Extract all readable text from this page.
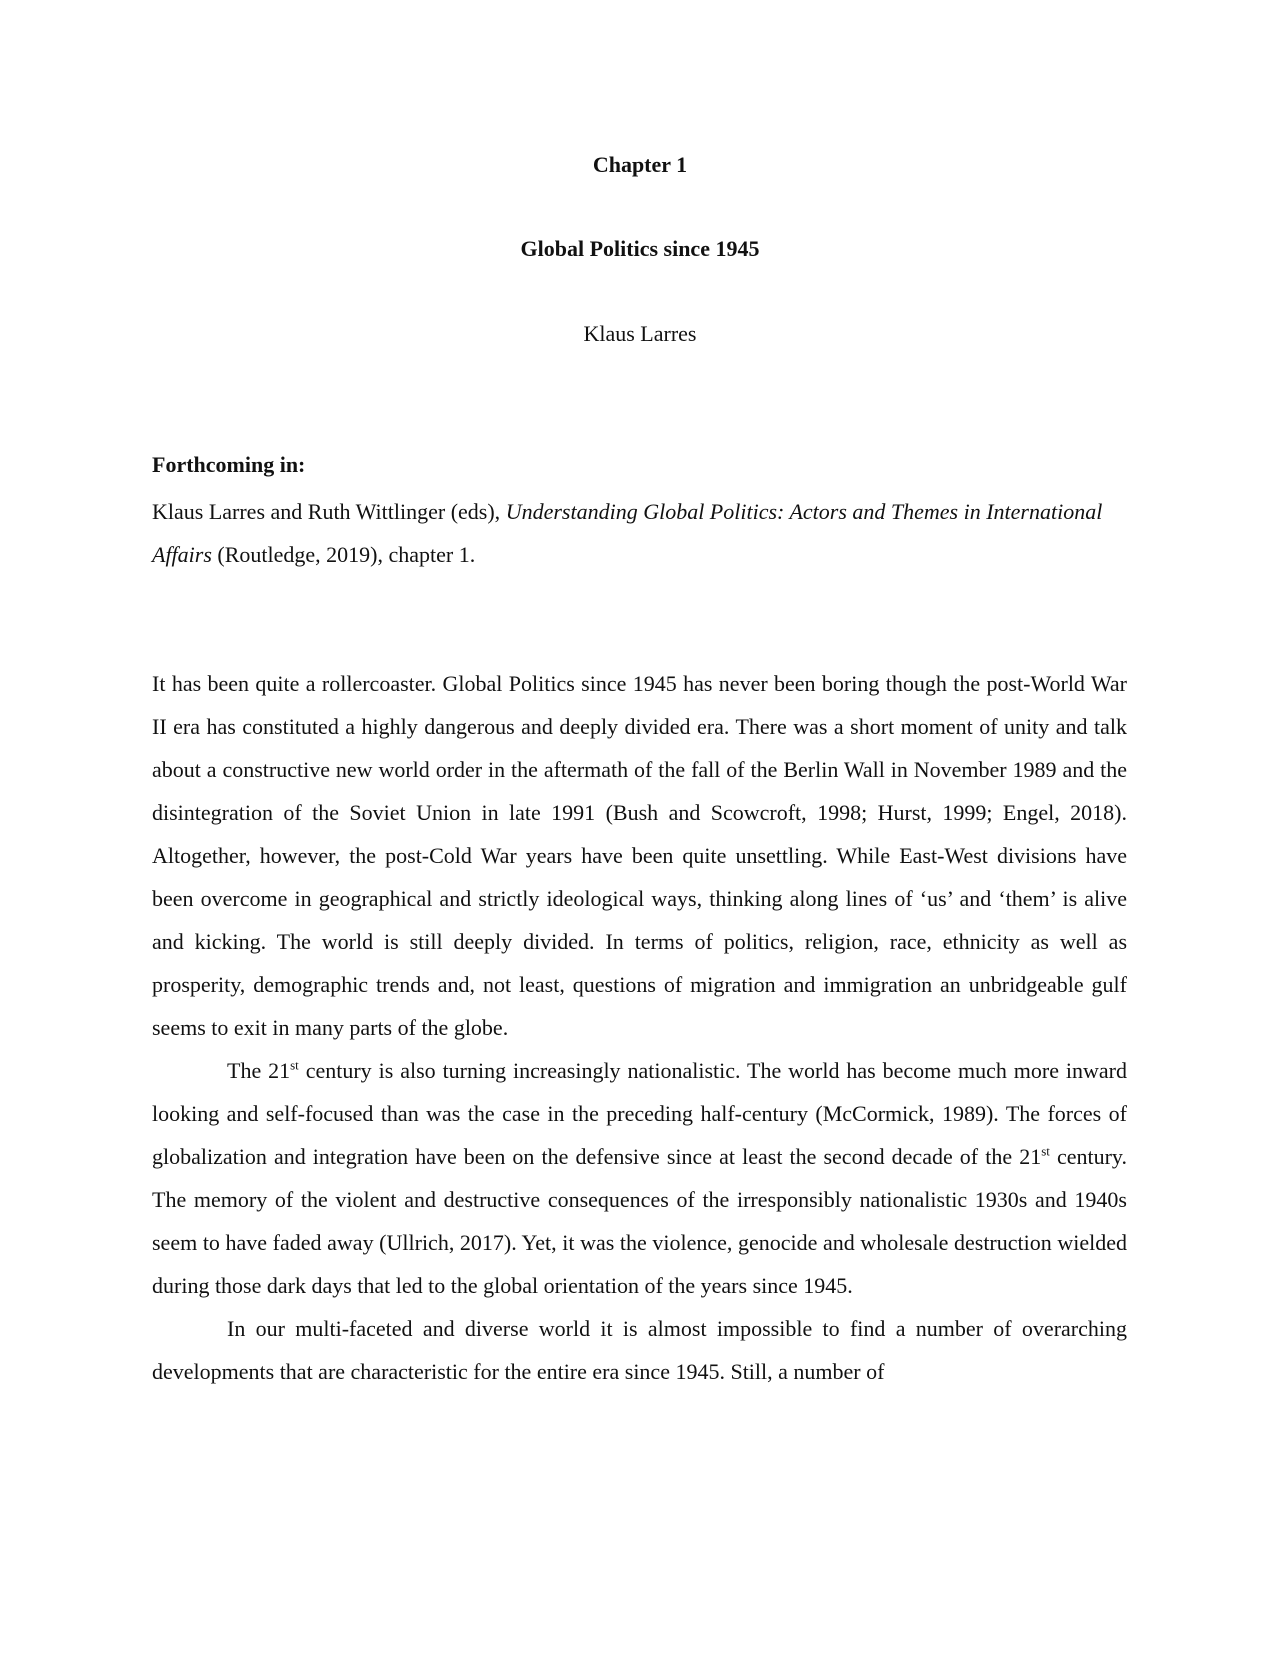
Chapter 1
Global Politics since 1945
Klaus Larres
Forthcoming in:
Klaus Larres and Ruth Wittlinger (eds), Understanding Global Politics: Actors and Themes in International Affairs (Routledge, 2019), chapter 1.

It has been quite a rollercoaster. Global Politics since 1945 has never been boring though the post-World War II era has constituted a highly dangerous and deeply divided era. There was a short moment of unity and talk about a constructive new world order in the aftermath of the fall of the Berlin Wall in November 1989 and the disintegration of the Soviet Union in late 1991 (Bush and Scowcroft, 1998; Hurst, 1999; Engel, 2018). Altogether, however, the post-Cold War years have been quite unsettling. While East-West divisions have been overcome in geographical and strictly ideological ways, thinking along lines of ‘us’ and ‘them’ is alive and kicking. The world is still deeply divided. In terms of politics, religion, race, ethnicity as well as prosperity, demographic trends and, not least, questions of migration and immigration an unbridgeable gulf seems to exit in many parts of the globe.

The 21st century is also turning increasingly nationalistic. The world has become much more inward looking and self-focused than was the case in the preceding half-century (McCormick, 1989). The forces of globalization and integration have been on the defensive since at least the second decade of the 21st century. The memory of the violent and destructive consequences of the irresponsibly nationalistic 1930s and 1940s seem to have faded away (Ullrich, 2017). Yet, it was the violence, genocide and wholesale destruction wielded during those dark days that led to the global orientation of the years since 1945.

In our multi-faceted and diverse world it is almost impossible to find a number of overarching developments that are characteristic for the entire era since 1945. Still, a number of
